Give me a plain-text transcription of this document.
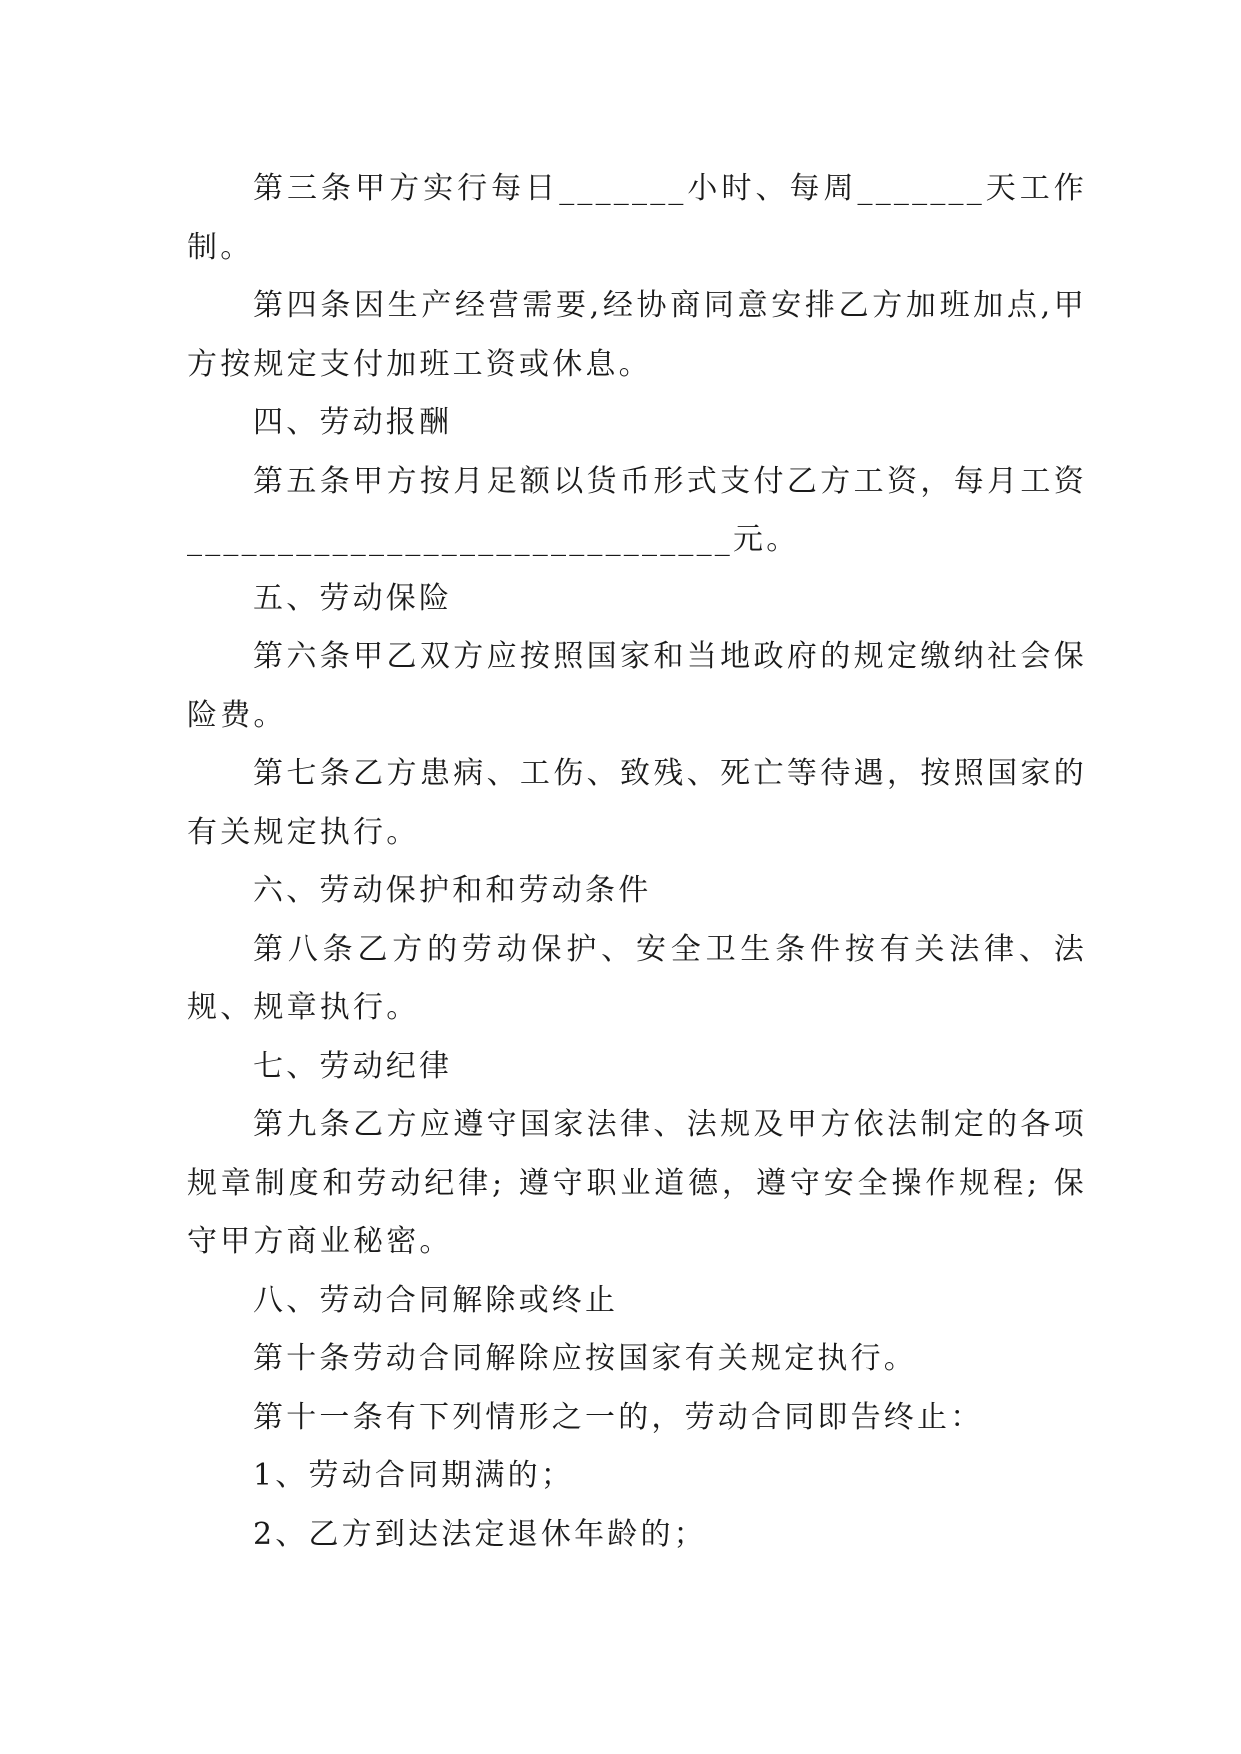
第三条甲方实行每日_______小时、每周_______天工作制。

第四条因生产经营需要,经协商同意安排乙方加班加点,甲方按规定支付加班工资或休息。

四、劳动报酬

第五条甲方按月足额以货币形式支付乙方工资，每月工资______________________________元。

五、劳动保险

第六条甲乙双方应按照国家和当地政府的规定缴纳社会保险费。

第七条乙方患病、工伤、致残、死亡等待遇，按照国家的有关规定执行。

六、劳动保护和和劳动条件

第八条乙方的劳动保护、安全卫生条件按有关法律、法规、规章执行。

七、劳动纪律

第九条乙方应遵守国家法律、法规及甲方依法制定的各项规章制度和劳动纪律; 遵守职业道德，遵守安全操作规程; 保守甲方商业秘密。

八、劳动合同解除或终止

第十条劳动合同解除应按国家有关规定执行。

第十一条有下列情形之一的，劳动合同即告终止：

1、劳动合同期满的；

2、乙方到达法定退休年龄的；
